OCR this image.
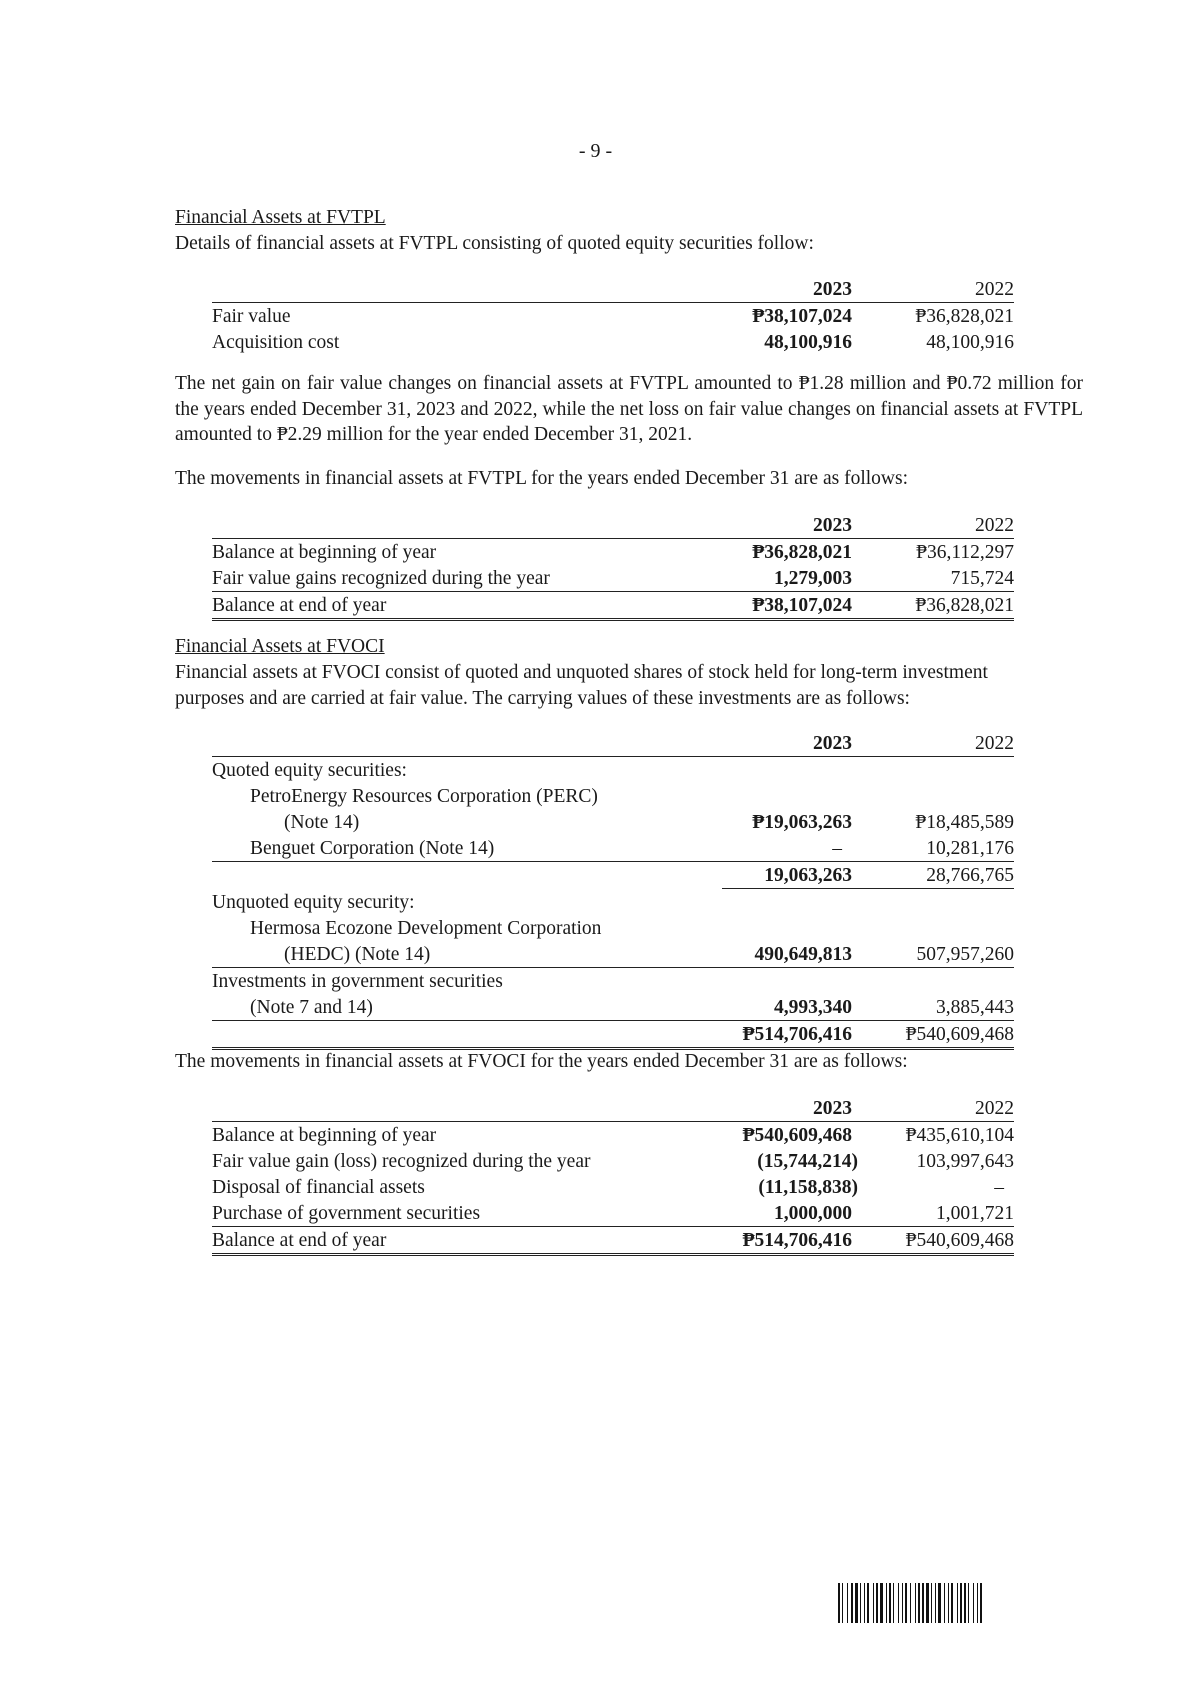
- 9 -
Financial Assets at FVTPL
Details of financial assets at FVTPL consisting of quoted equity securities follow:
	2023	2022
Fair value	₱38,107,024	₱36,828,021
Acquisition cost	48,100,916	48,100,916

The net gain on fair value changes on financial assets at FVTPL amounted to ₱1.28 million and ₱0.72 million for the years ended December 31, 2023 and 2022, while the net loss on fair value changes on financial assets at FVTPL amounted to ₱2.29 million for the year ended December 31, 2021.

The movements in financial assets at FVTPL for the years ended December 31 are as follows:
	2023	2022
Balance at beginning of year	₱36,828,021	₱36,112,297
Fair value gains recognized during the year	1,279,003	715,724
Balance at end of year	₱38,107,024	₱36,828,021
Financial Assets at FVOCI
Financial assets at FVOCI consist of quoted and unquoted shares of stock held for long-term investment
purposes and are carried at fair value. The carrying values of these investments are as follows:
	2023	2022
Quoted equity securities:		
PetroEnergy Resources Corporation (PERC)		
(Note 14)	₱19,063,263	₱18,485,589
Benguet Corporation (Note 14)	–	10,281,176
	19,063,263	28,766,765
Unquoted equity security:		
Hermosa Ecozone Development Corporation		
(HEDC) (Note 14)	490,649,813	507,957,260
Investments in government securities		
(Note 7 and 14)	4,993,340	3,885,443
	₱514,706,416	₱540,609,468
The movements in financial assets at FVOCI for the years ended December 31 are as follows:
	2023	2022
Balance at beginning of year	₱540,609,468	₱435,610,104
Fair value gain (loss) recognized during the year	(15,744,214)	103,997,643
Disposal of financial assets	(11,158,838)	–
Purchase of government securities	1,000,000	1,001,721
Balance at end of year	₱514,706,416	₱540,609,468
